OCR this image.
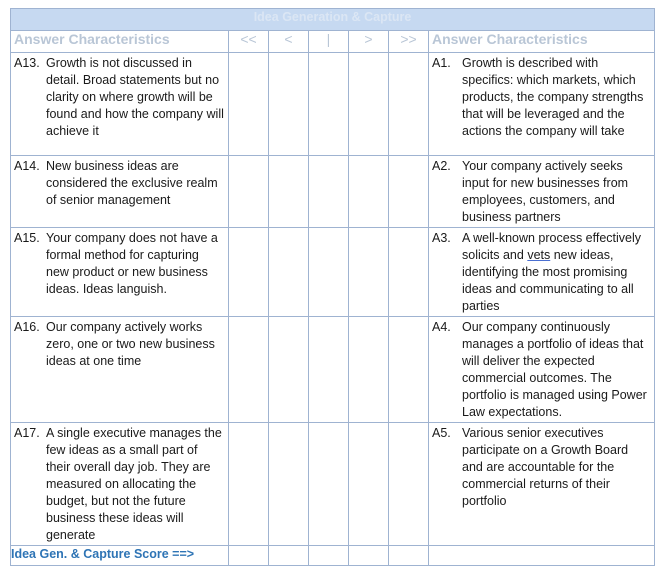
Idea Generation & Capture						
Answer Characteristics	<<	<	|	>	>>	Answer Characteristics

A13. Growth is not discussed in detail. Broad statements but no clarity on where growth will be found and how the company will achieve it						A1. Growth is described with specifics: which markets, which products, the company strengths that will be leveraged and the actions the company will take

A14. New business ideas are considered the exclusive realm of senior management						A2. Your company actively seeks input for new businesses from employees, customers, and business partners

A15. Your company does not have a formal method for capturing new product or new business ideas. Ideas languish.						A3. A well-known process effectively solicits and vets new ideas, identifying the most promising ideas and communicating to all parties

A16. Our company actively works zero, one or two new business ideas at one time						A4. Our company continuously manages a portfolio of ideas that will deliver the expected commercial outcomes. The portfolio is managed using Power Law expectations.

A17. A single executive manages the few ideas as a small part of their overall day job. They are measured on allocating the budget, but not the future business these ideas will generate						A5. Various senior executives participate on a Growth Board and are accountable for the commercial returns of their portfolio

Idea Gen. & Capture Score ==>						
